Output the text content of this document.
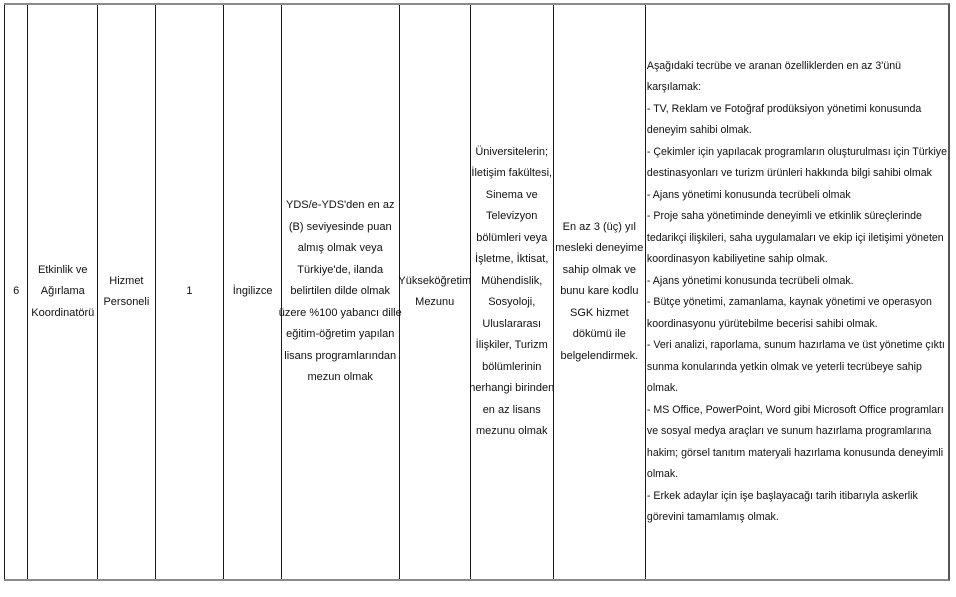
6
Etkinlik ve
Ağırlama
Koordinatörü
Hizmet
Personeli
1	İngilizce
YDS/e-YDS'den en az
(B) seviyesinde puan
almış olmak veya
Türkiye'de, ilanda
belirtilen dilde olmak
üzere %100 yabancı dille
eğitim-öğretim yapılan
lisans programlarından
mezun olmak
Yükseköğretim
Mezunu
Üniversitelerin;
İletişim fakültesi,
Sinema ve
Televizyon
bölümleri veya
İşletme, İktisat,
Mühendislik,
Sosyoloji,
Uluslararası
İlişkiler, Turizm
bölümlerinin
herhangi birinden
en az lisans
mezunu olmak
En az 3 (üç) yıl
mesleki deneyime
sahip olmak ve
bunu kare kodlu
SGK hizmet
dökümü ile
belgelendirmek.
Aşağıdaki tecrübe ve aranan özelliklerden en az 3'ünü
karşılamak:
- TV, Reklam ve Fotoğraf prodüksiyon yönetimi konusunda
deneyim sahibi olmak.
- Çekimler için yapılacak programların oluşturulması için Türkiye
destinasyonları ve turizm ürünleri hakkında bilgi sahibi olmak
- Ajans yönetimi konusunda tecrübeli olmak
- Proje saha yönetiminde deneyimli ve etkinlik süreçlerinde
tedarikçi ilişkileri, saha uygulamaları ve ekip içi iletişimi yöneten
koordinasyon kabiliyetine sahip olmak.
- Ajans yönetimi konusunda tecrübeli olmak.
- Bütçe yönetimi, zamanlama, kaynak yönetimi ve operasyon
koordinasyonu yürütebilme becerisi sahibi olmak.
- Veri analizi, raporlama, sunum hazırlama ve üst yönetime çıktı
sunma konularında yetkin olmak ve yeterli tecrübeye sahip
olmak.
- MS Office, PowerPoint, Word gibi Microsoft Office programları
ve sosyal medya araçları ve sunum hazırlama programlarına
hakim; görsel tanıtım materyali hazırlama konusunda deneyimli
olmak.
- Erkek adaylar için işe başlayacağı tarih itibarıyla askerlik
görevini tamamlamış olmak.
